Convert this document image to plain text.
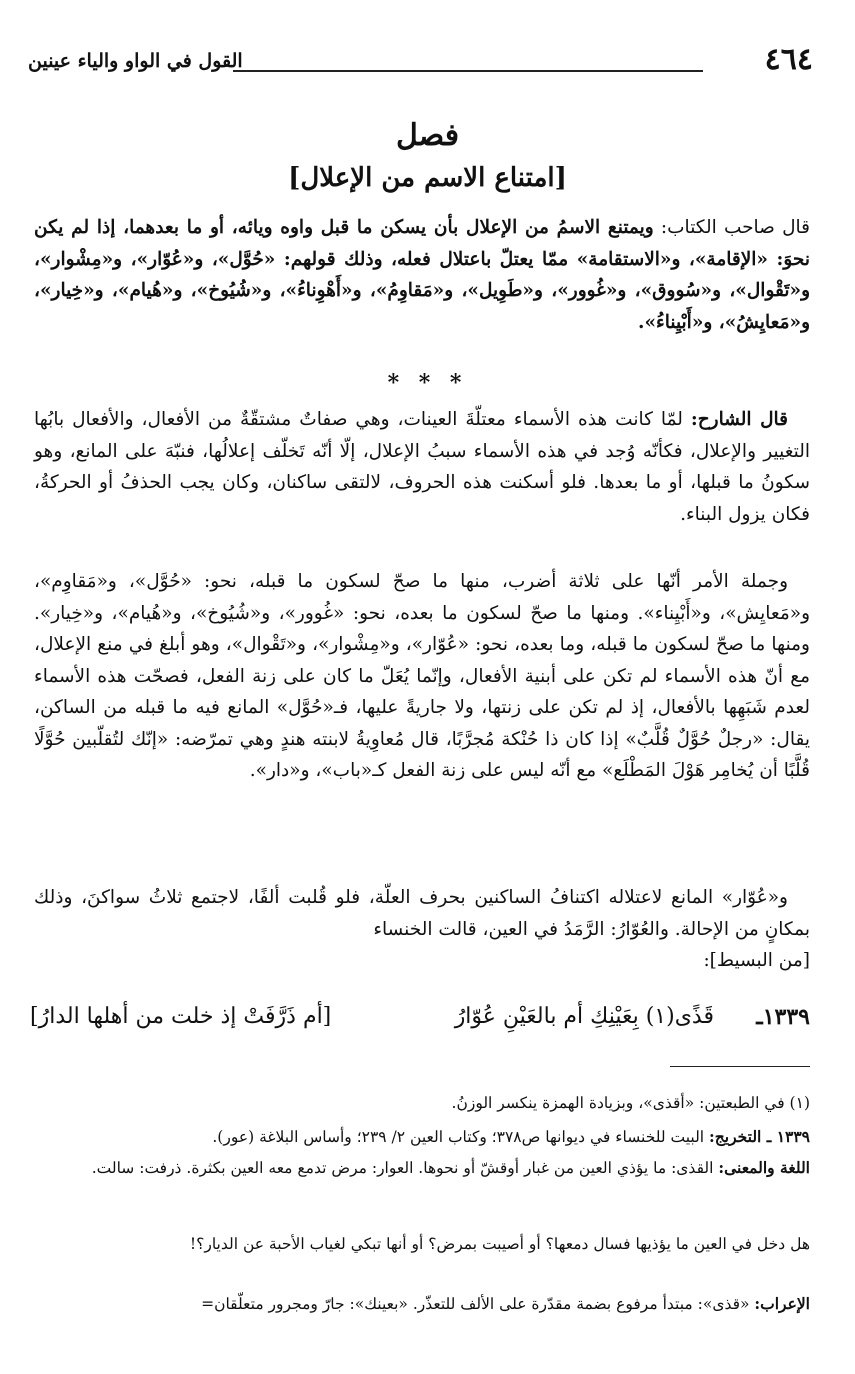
٤٦٤
القول في الواو والياء عينين
فصل
[امتناع الاسم من الإعلال]

قال صاحب الكتاب: ويمتنع الاسمُ من الإعلال بأن يسكن ما قبل واوه ويائه، أو ما بعدهما، إذا لم يكن نحوَ: «الإقامة»، و«الاستقامة» ممّا يعتلّ باعتلال فعله، وذلك قولهم: «حُوَّل»، و«عُوّار»، و«مِشْوار»، و«تَقْوال»، و«سُووق»، و«غُوور»، و«طَوِيل»، و«مَقاوِمُ»، و«أَهْوِناءُ»، و«شُيُوخ»، و«هُيام»، و«خِيار»، و«مَعايِشُ»، و«أَبْيِناءُ».

* * *

قال الشارح: لمّا كانت هذه الأسماء معتلّةَ العينات، وهي صفاتٌ مشتقّةٌ من الأفعال، والأفعال بابُها التغيير والإعلال، فكأنّه وُجد في هذه الأسماء سببُ الإعلال، إلّا أنّه تَخلّف إعلالُها، فنبّهَ على المانع، وهو سكونُ ما قبلها، أو ما بعدها. فلو أسكنت هذه الحروف، لالتقى ساكنان، وكان يجب الحذفُ أو الحركةُ، فكان يزول البناء.

وجملة الأمر أنّها على ثلاثة أضرب، منها ما صحّ لسكون ما قبله، نحو: «حُوَّل»، و«مَقاوِم»، و«مَعايِش»، و«أَبْيِناء». ومنها ما صحّ لسكون ما بعده، نحو: «غُوور»، و«شُيُوخ»، و«هُيام»، و«خِيار». ومنها ما صحّ لسكون ما قبله، وما بعده، نحو: «عُوّار»، و«مِشْوار»، و«تَقْوال»، وهو أبلغ في منع الإعلال، مع أنّ هذه الأسماء لم تكن على أبنية الأفعال، وإنّما يُعَلّ ما كان على زنة الفعل، فصحّت هذه الأسماء لعدم شَبَهِها بالأفعال، إذ لم تكن على زنتها، ولا جاريةً عليها، فـ«حُوَّل» المانع فيه ما قبله من الساكن، يقال: «رجلٌ حُوَّلٌ قُلَّبٌ» إذا كان ذا حُنْكة مُجرَّبًا، قال مُعاوِيةُ لابنته هندٍ وهي تمرّضه: «إنّك لتُقلّبين حُوَّلًا قُلَّبًا أن يُخامِر هَوْلَ المَطْلَع» مع أنّه ليس على زنة الفعل كـ«باب»، و«دار».

و«عُوّار» المانع لاعتلاله اكتنافُ الساكنين بحرف العلّة، فلو قُلبت ألفًا، لاجتمع ثلاثُ سواكنَ، وذلك بمكانٍ من الإحالة. والعُوّارُ: الرَّمَدُ في العين، قالت الخنساء
[من البسيط]:

١٣٣٩ـ
قَذًى(١) بِعَيْنِكِ أم بالعَيْنِ عُوّارُ
[أم ذَرَّفَتْ إذ خلت من أهلها الدارُ]

(١) في الطبعتين: «أقذى»، وبزيادة الهمزة ينكسر الوزنُ.

١٣٣٩ ـ التخريج: البيت للخنساء في ديوانها ص٣٧٨؛ وكتاب العين ٢/ ٢٣٩؛ وأساس البلاغة (عور).

اللغة والمعنى: القذى: ما يؤذي العين من غبار أوقشّ أو نحوها. العوار: مرض تدمع معه العين بكثرة. ذرفت: سالت.

هل دخل في العين ما يؤذيها فسال دمعها؟ أو أصيبت بمرض؟ أو أنها تبكي لغياب الأحبة عن الديار؟!

الإعراب: «قذى»: مبتدأ مرفوع بضمة مقدّرة على الألف للتعذّر. «بعينك»: جارّ ومجرور متعلّقان=
